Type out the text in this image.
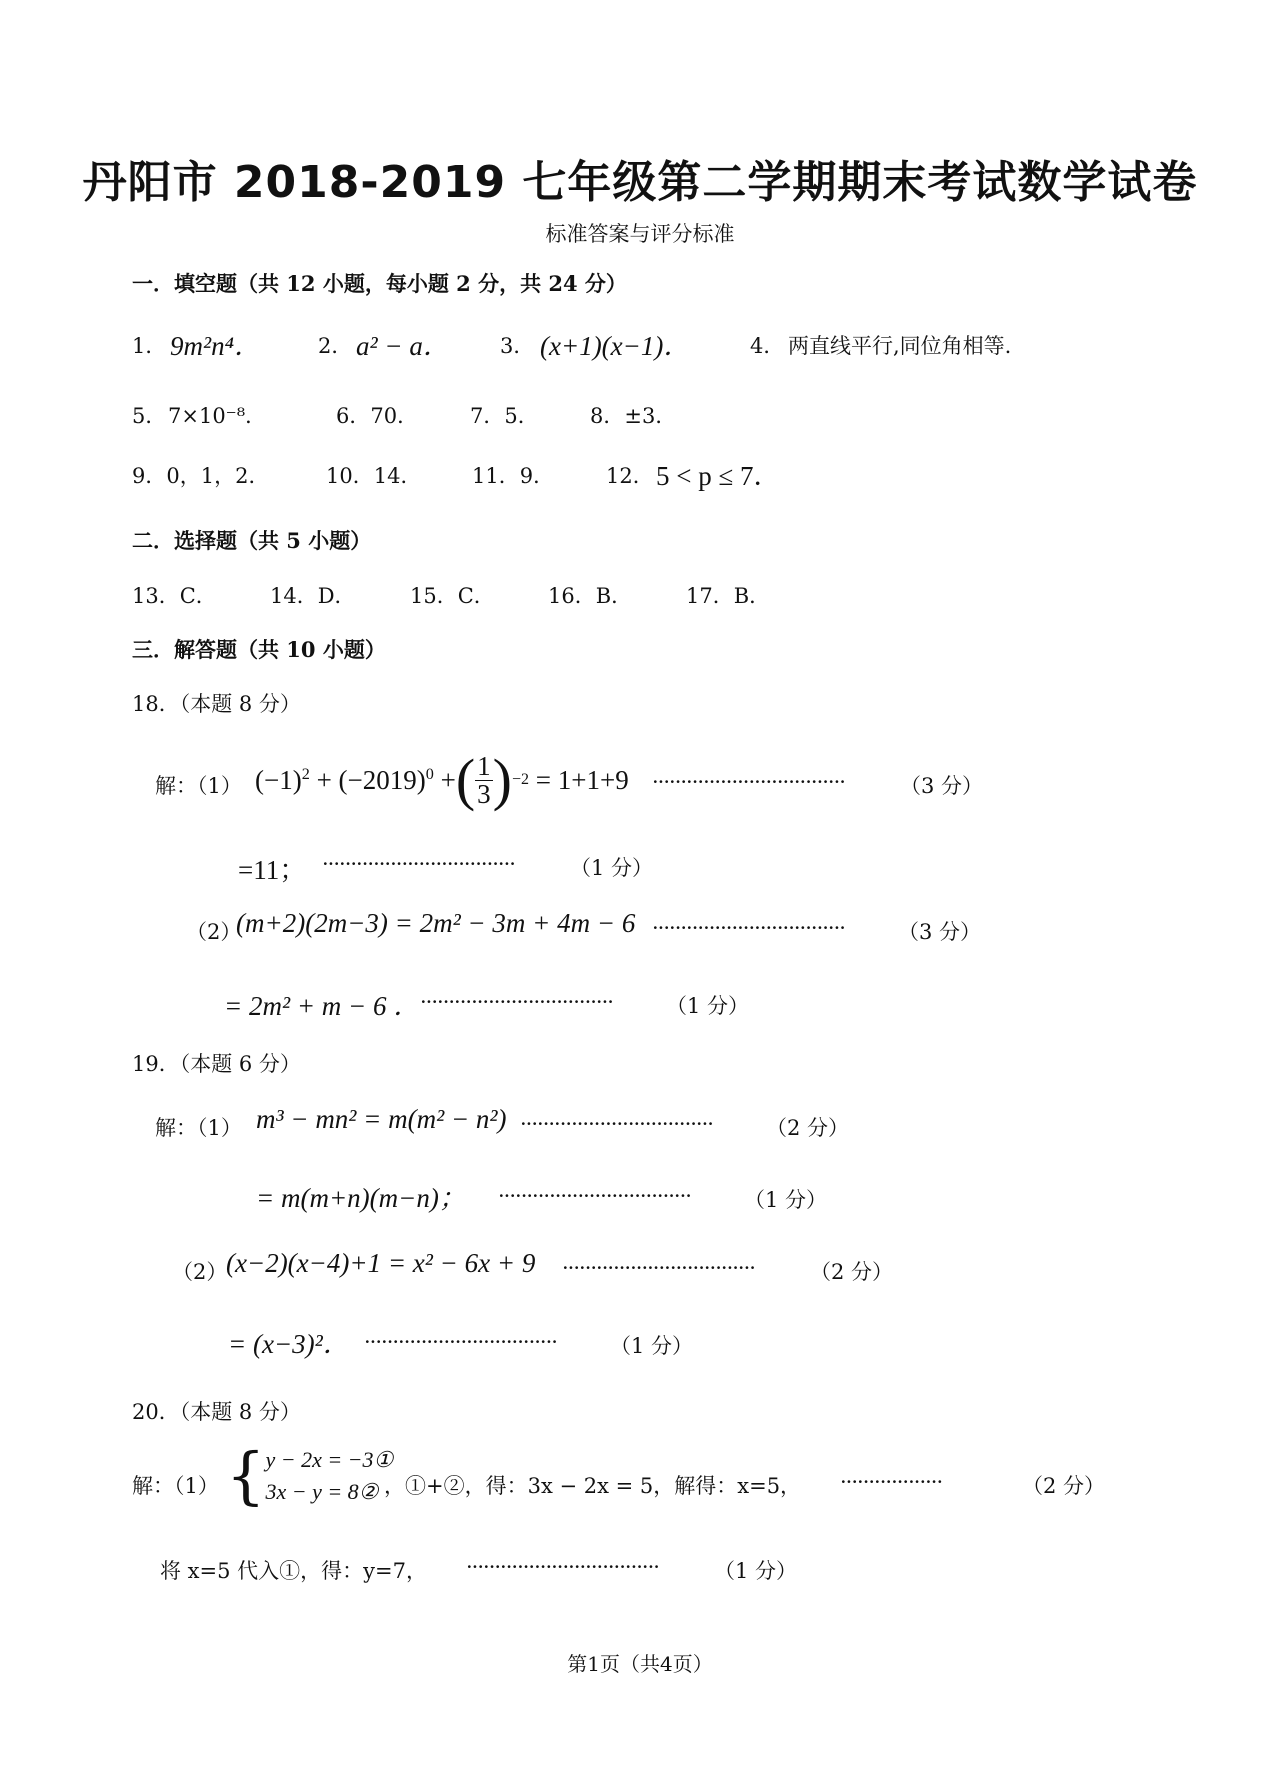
丹阳市 2018-2019 七年级第二学期期末考试数学试卷
标准答案与评分标准
一．填空题（共 12 小题，每小题 2 分，共 24 分）
1． 9m²n⁴．	2． a² − a． 3． (x+1)(x−1)．	4． 两直线平行,同位角相等.
5． 7×10⁻⁸．	6．70． 7．5． 8．±3．
9．0，1，2．	10．14． 11．9． 12． 5 < p ≤ 7．
二．选择题（共 5 小题）
13．C．	14．D．	15．C．	16．B．	17．B．
三．解答题（共 10 小题）
18．（本题 8 分）
解：（1） $(-1)^2 + (-2019)^0$ + ( $\frac{1}{3}$ ) −2 = 1+1+9 ··································	（3 分）
=11； ··································	（1 分）
（2）
(m+2)(2m−3) = 2m² − 3m + 4m − 6 ··································	（3 分）
= 2m² + m − 6 ． ··································	（1 分）
19．（本题 6 分）
解：（1） m³ − mn² = m(m² − n²) ··································	（2 分）
= m(m+n)(m−n)； ··································	（1 分）
（2）
(x−2)(x−4)+1 = x² − 6x + 9 ··································	（2 分）
= (x−3)²． ··································	（1 分）
20．（本题 8 分）
解：（1） { y − 2x = −3①
3x − y = 8② ，①+②，得：3x − 2x = 5，解得：x=5， ··················	（2 分）
将 x=5 代入①，得：y=7， ··································	（1 分）
第1页（共4页）
